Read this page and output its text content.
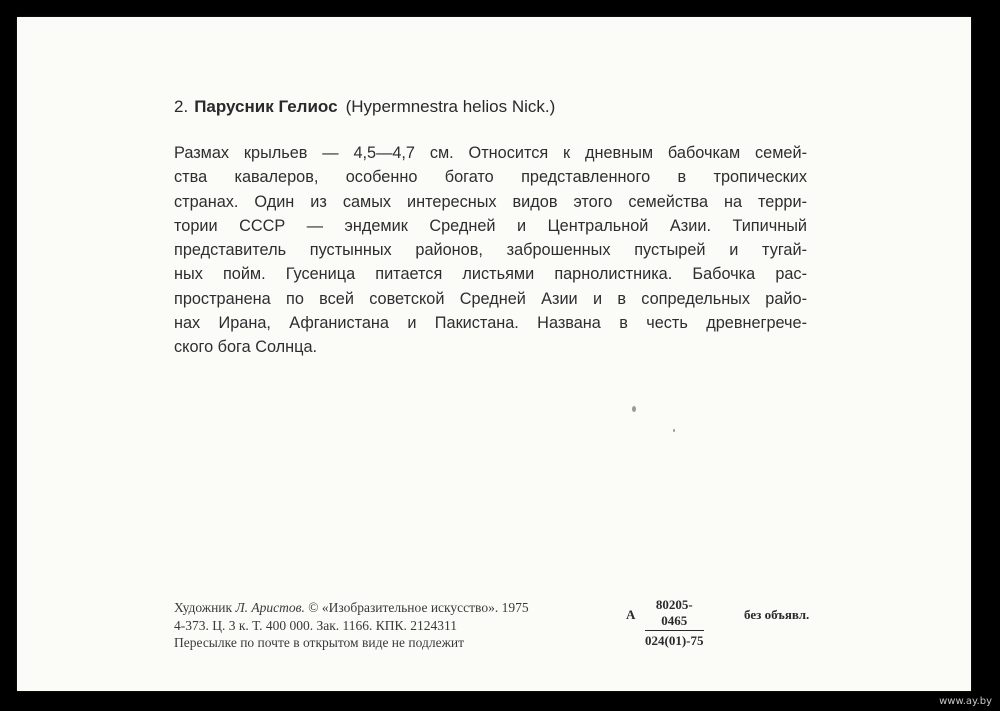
2. Парусник Гелиос (Hypermnestra helios Nick.)
Размах крыльев — 4,5—4,7 см. Относится к дневным бабочкам семей-
ства кавалеров, особенно богато представленного в тропических
странах. Один из самых интересных видов этого семейства на терри-
тории СССР — эндемик Средней и Центральной Азии. Типичный
представитель пустынных районов, заброшенных пустырей и тугай-
ных пойм. Гусеница питается листьями парнолистника. Бабочка рас-
пространена по всей советской Средней Азии и в сопредельных райо-
нах Ирана, Афганистана и Пакистана. Названа в честь древнегрече-
ского бога Солнца.
Художник Л. Аристов. © «Изобразительное искусство». 1975
4-373. Ц. 3 к. Т. 400 000. Зак. 1166. КПК. 2124311
Пересылке по почте в открытом виде не подлежит
А $\frac{80205-0465}{024(01)-75}$	без объявл.
www.ay.by
